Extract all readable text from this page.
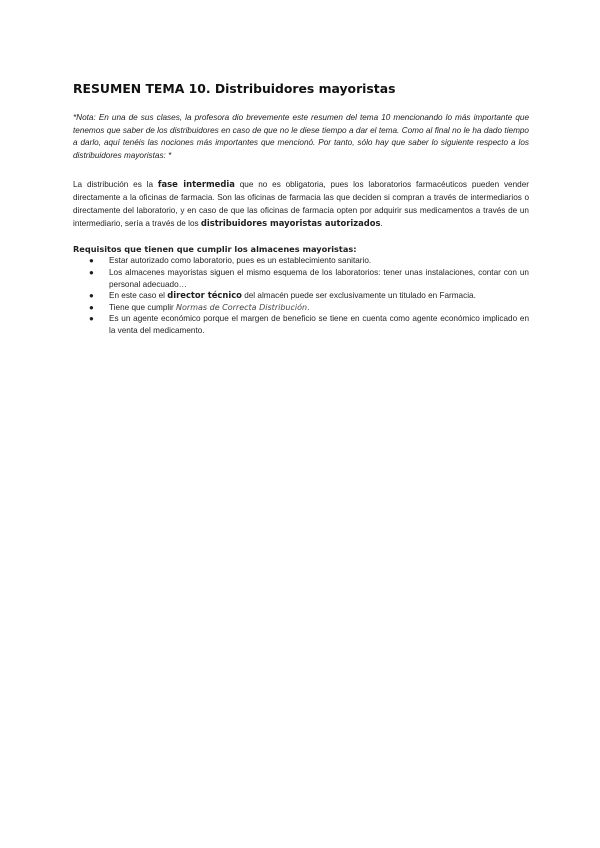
RESUMEN TEMA 10. Distribuidores mayoristas

*Nota: En una de sus clases, la profesora dio brevemente este resumen del tema 10 mencionando lo más importante que tenemos que saber de los distribuidores en caso de que no le diese tiempo a dar el tema. Como al final no le ha dado tiempo a darlo, aquí tenéis las nociones más importantes que mencionó. Por tanto, sólo hay que saber lo siguiente respecto a los distribuidores mayoristas: *

La distribución es la fase intermedia que no es obligatoria, pues los laboratorios farmacéuticos pueden vender directamente a la oficinas de farmacia. Son las oficinas de farmacia las que deciden si compran a través de intermediarios o directamente del laboratorio, y en caso de que las oficinas de farmacia opten por adquirir sus medicamentos a través de un intermediario, sería a través de los distribuidores mayoristas autorizados.

Requisitos que tienen que cumplir los almacenes mayoristas:

● Estar autorizado como laboratorio, pues es un establecimiento sanitario.
● Los almacenes mayoristas siguen el mismo esquema de los laboratorios: tener unas instalaciones, contar con un personal adecuado…
● En este caso el director técnico del almacén puede ser exclusivamente un titulado en Farmacia.
● Tiene que cumplir Normas de Correcta Distribución.
● Es un agente económico porque el margen de beneficio se tiene en cuenta como agente económico implicado en la venta del medicamento.
